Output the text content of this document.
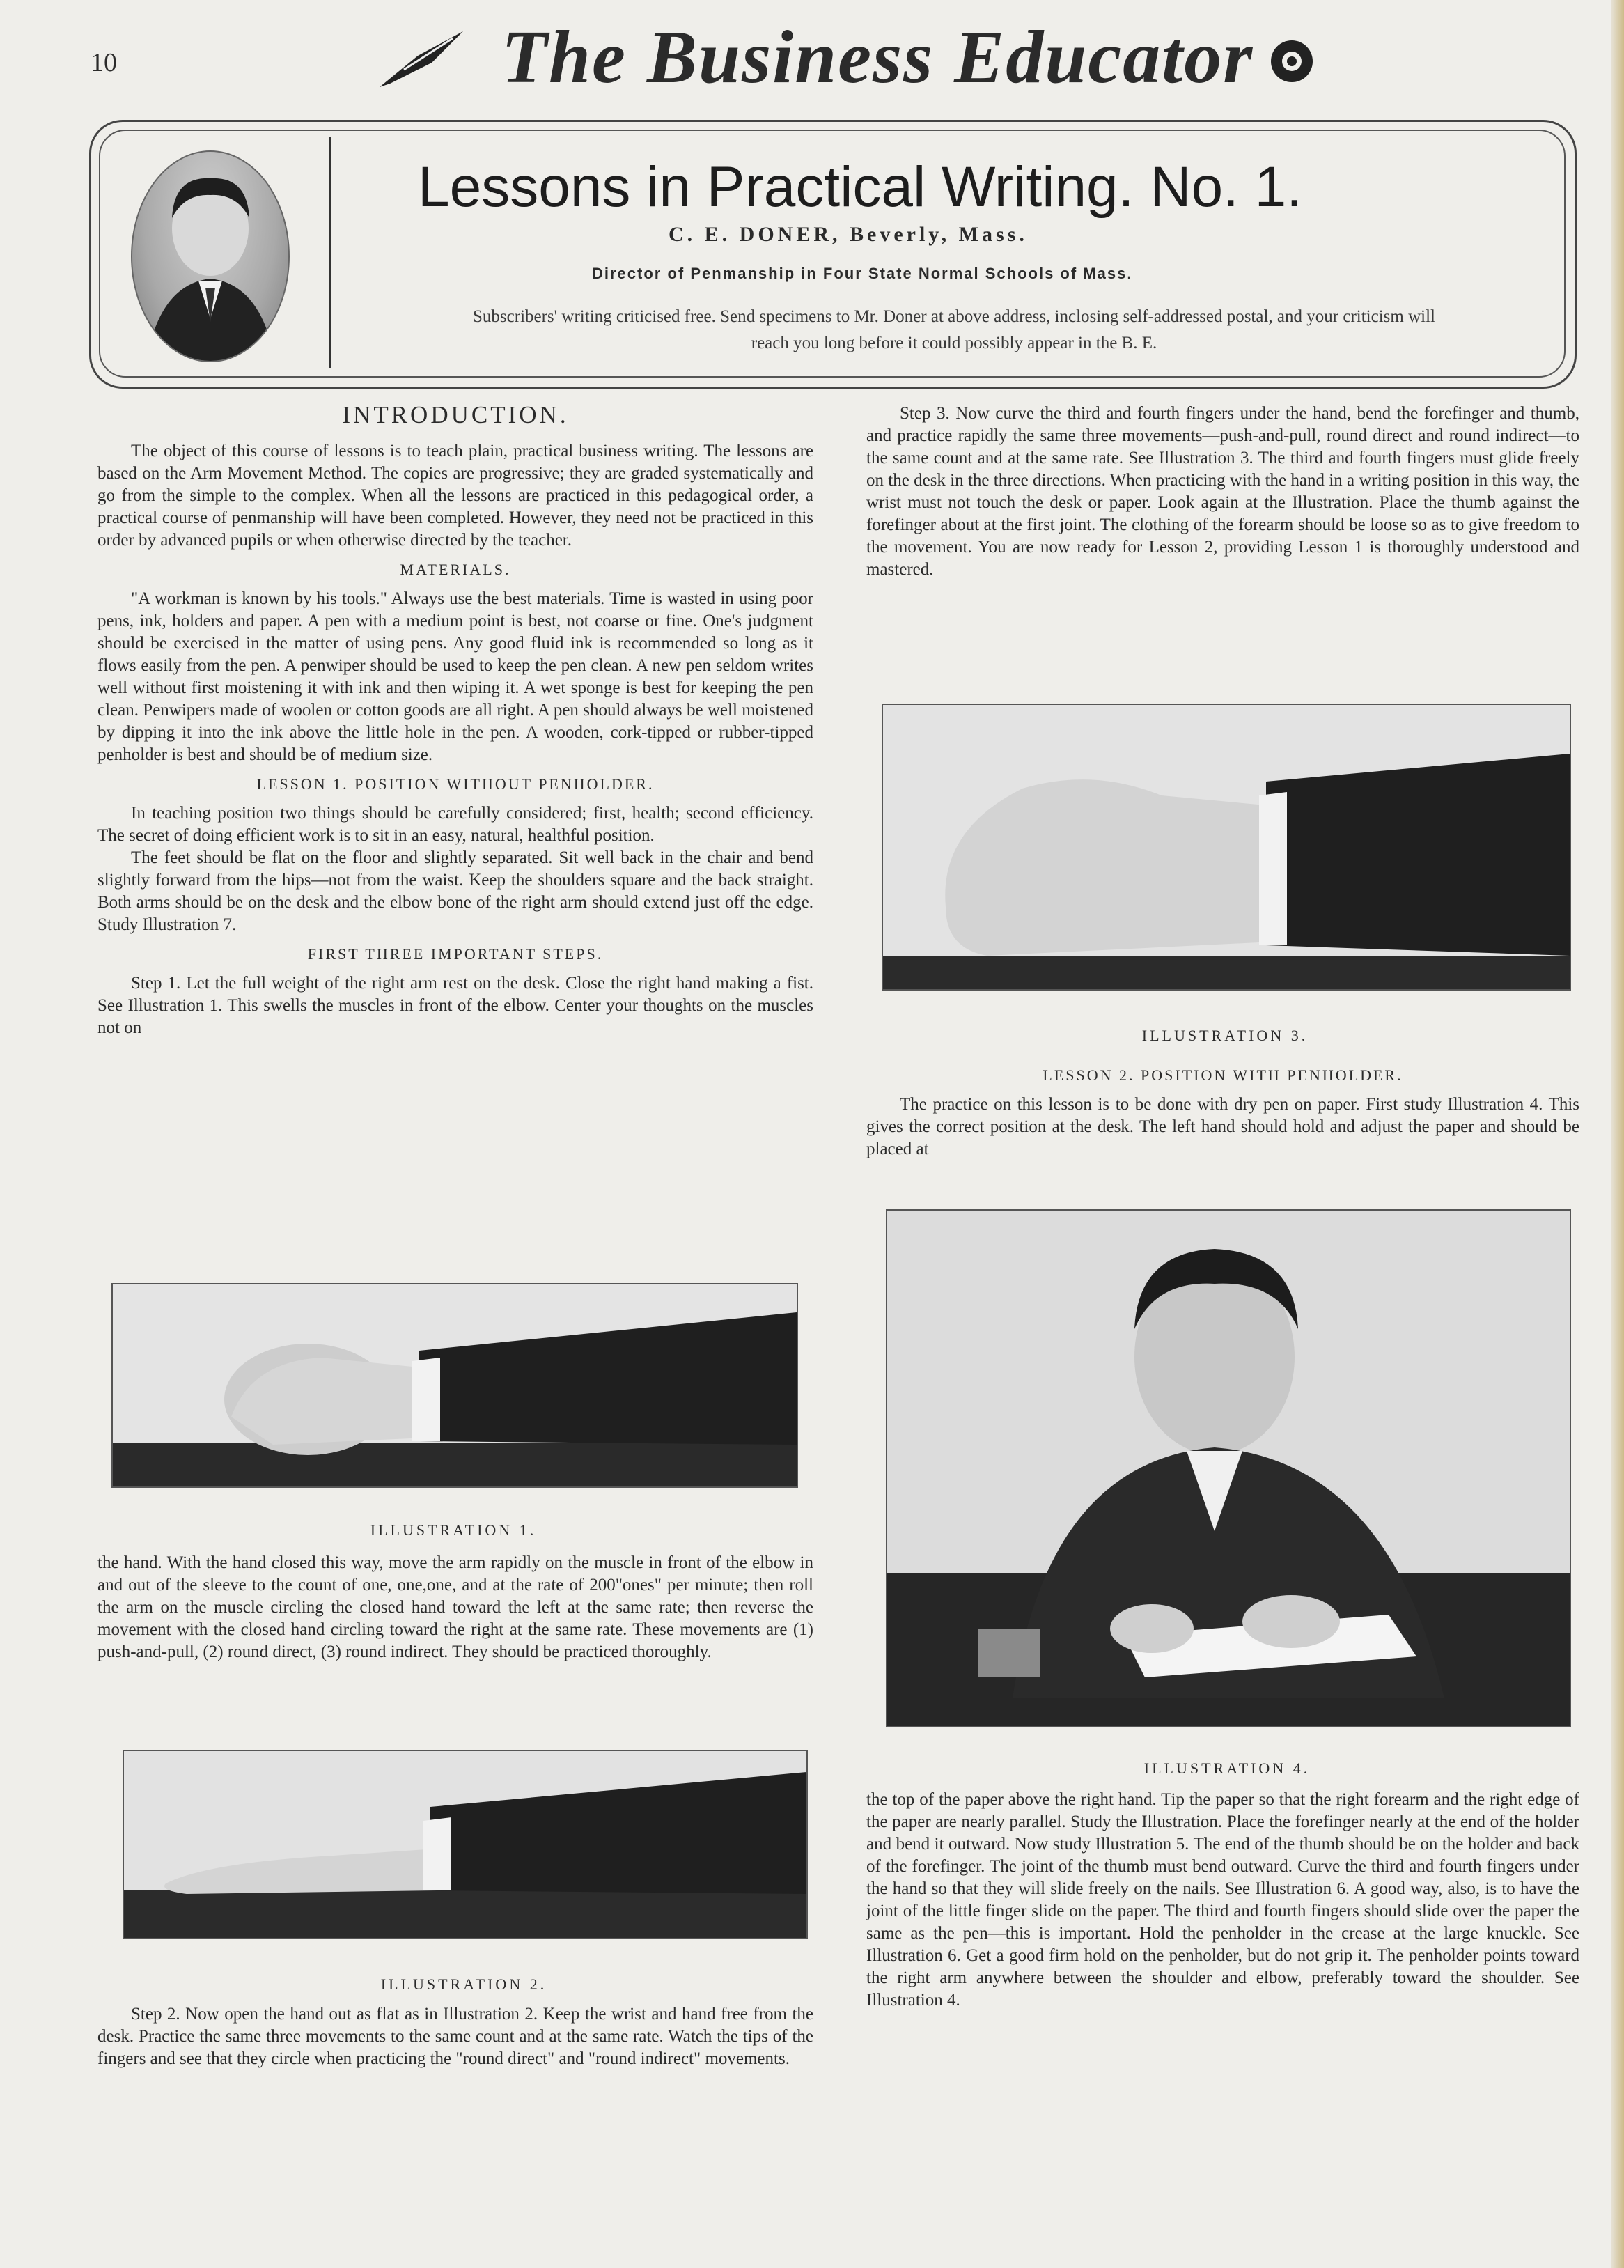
10	The Business Educator
Lessons in Practical Writing. No. 1.
C. E. DONER, Beverly, Mass.
Director of Penmanship in Four State Normal Schools of Mass.
Subscribers' writing criticised free. Send specimens to Mr. Doner at above address, inclosing self-addressed postal, and your criticism will reach you long before it could possibly appear in the B. E.
INTRODUCTION.

The object of this course of lessons is to teach plain, practical business writing. The lessons are based on the Arm Movement Method. The copies are progressive; they are graded systematically and go from the simple to the complex. When all the lessons are practiced in this pedagogical order, a practical course of penmanship will have been completed. However, they need not be practiced in this order by advanced pupils or when otherwise directed by the teacher.

MATERIALS.

"A workman is known by his tools." Always use the best materials. Time is wasted in using poor pens, ink, holders and paper. A pen with a medium point is best, not coarse or fine. One's judgment should be exercised in the matter of using pens. Any good fluid ink is recommended so long as it flows easily from the pen. A penwiper should be used to keep the pen clean. A new pen seldom writes well without first moistening it with ink and then wiping it. A wet sponge is best for keeping the pen clean. Penwipers made of woolen or cotton goods are all right. A pen should always be well moistened by dipping it into the ink above the little hole in the pen. A wooden, cork-tipped or rubber-tipped penholder is best and should be of medium size.

LESSON 1. POSITION WITHOUT PENHOLDER.

In teaching position two things should be carefully considered; first, health; second efficiency. The secret of doing efficient work is to sit in an easy, natural, healthful position.

The feet should be flat on the floor and slightly separated. Sit well back in the chair and bend slightly forward from the hips—not from the waist. Keep the shoulders square and the back straight. Both arms should be on the desk and the elbow bone of the right arm should extend just off the edge. Study Illustration 7.

FIRST THREE IMPORTANT STEPS.

Step 1. Let the full weight of the right arm rest on the desk. Close the right hand making a fist. See Illustration 1. This swells the muscles in front of the elbow. Center your thoughts on the muscles not on

ILLUSTRATION 1.

the hand. With the hand closed this way, move the arm rapidly on the muscle in front of the elbow in and out of the sleeve to the count of one, one,one, and at the rate of 200"ones" per minute; then roll the arm on the muscle circling the closed hand toward the left at the same rate; then reverse the movement with the closed hand circling toward the right at the same rate. These movements are (1) push-and-pull, (2) round direct, (3) round indirect. They should be practiced thoroughly.

ILLUSTRATION 2.

Step 2. Now open the hand out as flat as in Illustration 2. Keep the wrist and hand free from the desk. Practice the same three movements to the same count and at the same rate. Watch the tips of the fingers and see that they circle when practicing the "round direct" and "round indirect" movements.

Step 3. Now curve the third and fourth fingers under the hand, bend the forefinger and thumb, and practice rapidly the same three movements—push-and-pull, round direct and round indirect—to the same count and at the same rate. See Illustration 3. The third and fourth fingers must glide freely on the desk in the three directions. When practicing with the hand in a writing position in this way, the wrist must not touch the desk or paper. Look again at the Illustration. Place the thumb against the forefinger about at the first joint. The clothing of the forearm should be loose so as to give freedom to the movement. You are now ready for Lesson 2, providing Lesson 1 is thoroughly understood and mastered.

ILLUSTRATION 3.
LESSON 2. POSITION WITH PENHOLDER.

The practice on this lesson is to be done with dry pen on paper. First study Illustration 4. This gives the correct position at the desk. The left hand should hold and adjust the paper and should be placed at

ILLUSTRATION 4.

the top of the paper above the right hand. Tip the paper so that the right forearm and the right edge of the paper are nearly parallel. Study the Illustration. Place the forefinger nearly at the end of the holder and bend it outward. Now study Illustration 5. The end of the thumb should be on the holder and back of the forefinger. The joint of the thumb must bend outward. Curve the third and fourth fingers under the hand so that they will slide freely on the nails. See Illustration 6. A good way, also, is to have the joint of the little finger slide on the paper. The third and fourth fingers should slide over the paper the same as the pen—this is important. Hold the penholder in the crease at the large knuckle. See Illustration 6. Get a good firm hold on the penholder, but do not grip it. The penholder points toward the right arm anywhere between the shoulder and elbow, preferably toward the shoulder. See Illustration 4.
